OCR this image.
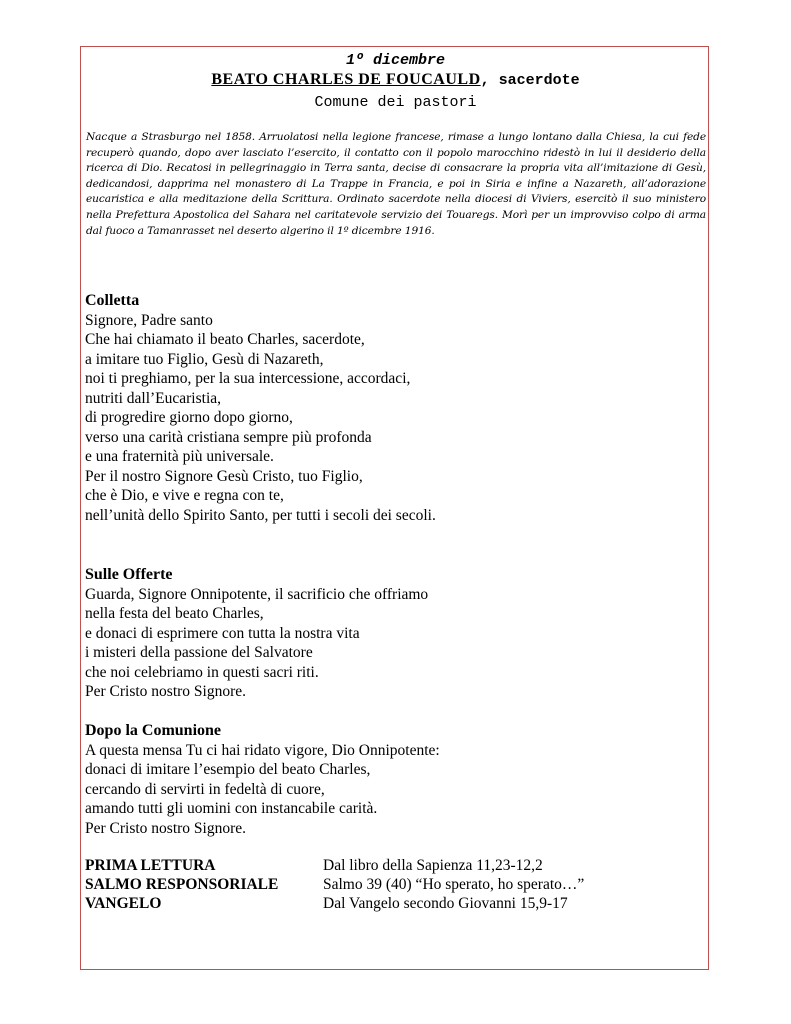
1º dicembre
BEATO CHARLES DE FOUCAULD, sacerdote
Comune dei pastori
Nacque a Strasburgo nel 1858. Arruolatosi nella legione francese, rimase a lungo lontano dalla Chiesa, la cui fede recuperò quando, dopo aver lasciato l’esercito, il contatto con il popolo marocchino ridestò in lui il desiderio della ricerca di Dio. Recatosi in pellegrinaggio in Terra santa, decise di consacrare la propria vita all’imitazione di Gesù, dedicandosi, dapprima nel monastero di La Trappe in Francia, e poi in Siria e infine a Nazareth, all’adorazione eucaristica e alla meditazione della Scrittura. Ordinato sacerdote nella diocesi di Viviers, esercitò il suo ministero nella Prefettura Apostolica del Sahara nel caritatevole servizio dei Touaregs. Morì per un improvviso colpo di arma dal fuoco a Tamanrasset nel deserto algerino il 1º dicembre 1916.
Colletta
Signore, Padre santo
Che hai chiamato il beato Charles, sacerdote,
a imitare tuo Figlio, Gesù di Nazareth,
noi ti preghiamo, per la sua intercessione, accordaci,
nutriti dall’Eucaristia,
di progredire giorno dopo giorno,
verso una carità cristiana sempre più profonda
e una fraternità più universale.
Per il nostro Signore Gesù Cristo, tuo Figlio,
che è Dio, e vive e regna con te,
nell’unità dello Spirito Santo, per tutti i secoli dei secoli.
Sulle Offerte
Guarda, Signore Onnipotente, il sacrificio che offriamo
nella festa del beato Charles,
e donaci di esprimere con tutta la nostra vita
i misteri della passione del Salvatore
che noi celebriamo in questi sacri riti.
Per Cristo nostro Signore.
Dopo la Comunione
A questa mensa Tu ci hai ridato vigore, Dio Onnipotente:
donaci di imitare l’esempio del beato Charles,
cercando di servirti in fedeltà di cuore,
amando tutti gli uomini con instancabile carità.
Per Cristo nostro Signore.
PRIMA LETTURA	Dal libro della Sapienza 11,23-12,2
SALMO RESPONSORIALE	Salmo 39 (40) “Ho sperato, ho sperato…”
VANGELO	Dal Vangelo secondo Giovanni 15,9-17
